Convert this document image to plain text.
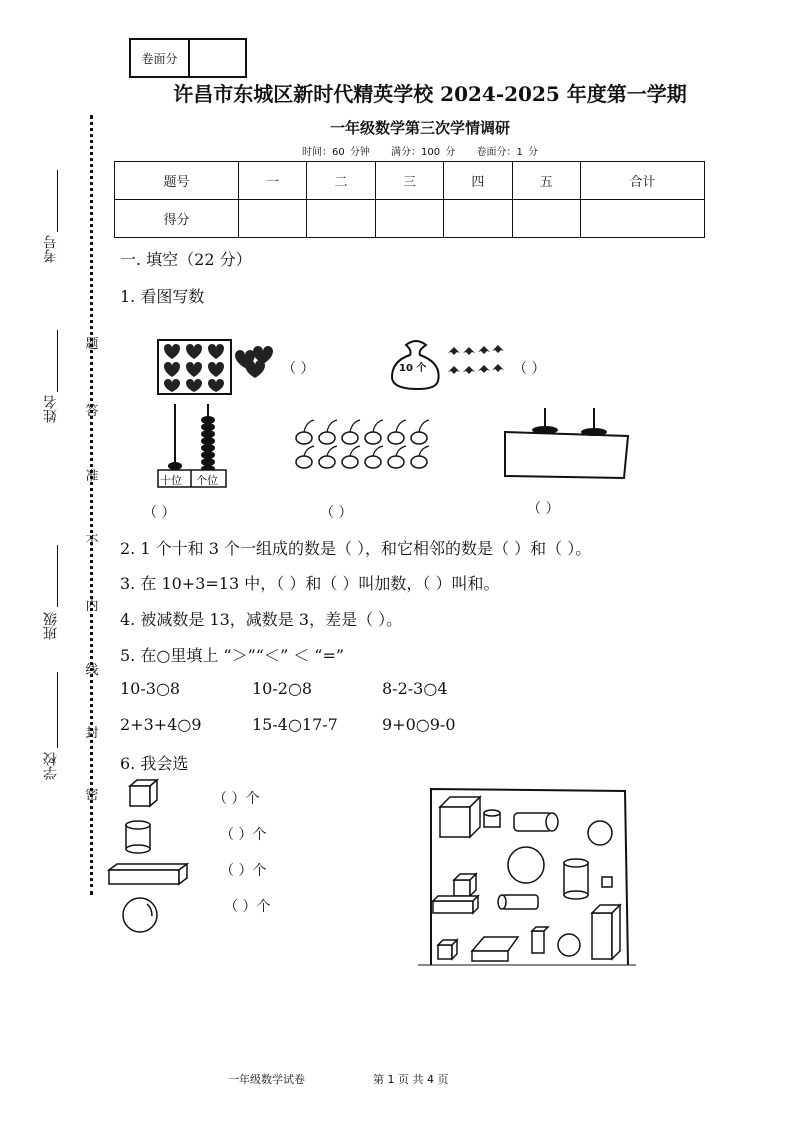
卷面分
许昌市东城区新时代精英学校 2024-2025 年度第一学期
一年级数学第三次学情调研
时间：60 分钟 满分：100 分 卷面分：1 分
题号	一	二	三	四	五	合计
得分						
考号
姓名
班级
学校
题
答
准
不
内
线
封
密
一. 填空（22 分）
1. 看图写数
（ ）	10 个	（ ）
十位 个位
（ ）	（ ）	（ ）
2. 1 个十和 3 个一组成的数是（ ），和它相邻的数是（ ）和（ ）。
3. 在 10+3=13 中，（ ）和（ ）叫加数，（ ）叫和。
4. 被减数是 13，减数是 3，差是（ ）。
5. 在○里填上 “＞”“＜” ＜ “=”
10-3○8	10-2○8	8-2-3○4
2+3+4○9	15-4○17-7	9+0○9-0
6. 我会选
（ ）个
（ ）个
（ ）个
（ ）个
一年级数学试卷	第 1 页 共 4 页
